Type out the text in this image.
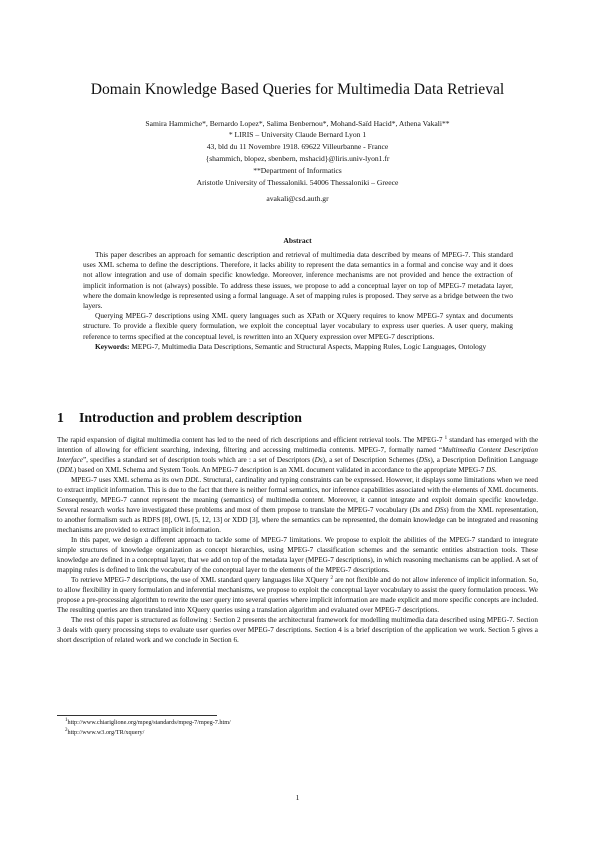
Domain Knowledge Based Queries for Multimedia Data Retrieval
Samira Hammiche*, Bernardo Lopez*, Salima Benbernou*, Mohand-Saïd Hacid*, Athena Vakali**
* LIRIS – University Claude Bernard Lyon 1
43, bld du 11 Novembre 1918. 69622 Villeurbanne - France
{shammich, blopez, sbenbern, mshacid}@liris.univ-lyon1.fr
**Department of Informatics
Aristotle University of Thessaloniki. 54006 Thessaloniki – Greece
avakali@csd.auth.gr
Abstract

This paper describes an approach for semantic description and retrieval of multimedia data described by means of MPEG-7. This standard uses XML schema to define the descriptions. Therefore, it lacks ability to represent the data semantics in a formal and concise way and it does not allow integration and use of domain specific knowledge. Moreover, inference mechanisms are not provided and hence the extraction of implicit information is not (always) possible. To address these issues, we propose to add a conceptual layer on top of MPEG-7 metadata layer, where the domain knowledge is represented using a formal language. A set of mapping rules is proposed. They serve as a bridge between the two layers.

Querying MPEG-7 descriptions using XML query languages such as XPath or XQuery requires to know MPEG-7 syntax and documents structure. To provide a flexible query formulation, we exploit the conceptual layer vocabulary to express user queries. A user query, making reference to terms specified at the conceptual level, is rewritten into an XQuery expression over MPEG-7 descriptions.

Keywords: MEPG-7, Multimedia Data Descriptions, Semantic and Structural Aspects, Mapping Rules, Logic Languages, Ontology

1 Introduction and problem description

The rapid expansion of digital multimedia content has led to the need of rich descriptions and efficient retrieval tools. The MPEG-7 $^1$ standard has emerged with the intention of allowing for efficient searching, indexing, filtering and accessing multimedia contents. MPEG-7, formally named “Multimedia Content Description Interface”, specifies a standard set of description tools which are : a set of Descriptors (Ds), a set of Description Schemes (DSs), a Description Definition Language (DDL) based on XML Schema and System Tools. An MPEG-7 description is an XML document validated in accordance to the appropriate MPEG-7 DS.

MPEG-7 uses XML schema as its own DDL. Structural, cardinality and typing constraints can be expressed. However, it displays some limitations when we need to extract implicit information. This is due to the fact that there is neither formal semantics, nor inference capabilities associated with the elements of XML documents. Consequently, MPEG-7 cannot represent the meaning (semantics) of multimedia content. Moreover, it cannot integrate and exploit domain specific knowledge. Several research works have investigated these problems and most of them propose to translate the MPEG-7 vocabulary (Ds and DSs) from the XML representation, to another formalism such as RDFS [8], OWL [5, 12, 13] or XDD [3], where the semantics can be represented, the domain knowledge can be integrated and reasoning mechanisms are provided to extract implicit information.

In this paper, we design a different approach to tackle some of MPEG-7 limitations. We propose to exploit the abilities of the MPEG-7 standard to integrate simple structures of knowledge organization as concept hierarchies, using MPEG-7 classification schemes and the semantic entities abstraction tools. These knowledge are defined in a conceptual layer, that we add on top of the metadata layer (MPEG-7 descriptions), in which reasoning mechanisms can be applied. A set of mapping rules is defined to link the vocabulary of the conceptual layer to the elements of the MPEG-7 descriptions.

To retrieve MPEG-7 descriptions, the use of XML standard query languages like XQuery $^2$ are not flexible and do not allow inference of implicit information. So, to allow flexibility in query formulation and inferential mechanisms, we propose to exploit the conceptual layer vocabulary to assist the query formulation process. We propose a pre-processing algorithm to rewrite the user query into several queries where implicit information are made explicit and more specific concepts are included. The resulting queries are then translated into XQuery queries using a translation algorithm and evaluated over MPEG-7 descriptions.

The rest of this paper is structured as following : Section 2 presents the architectural framework for modelling multimedia data described using MPEG-7. Section 3 deals with query processing steps to evaluate user queries over MPEG-7 descriptions. Section 4 is a brief description of the application we work. Section 5 gives a short description of related work and we conclude in Section 6.

$^1$http://www.chiariglione.org/mpeg/standards/mpeg-7/mpeg-7.htm/
$^2$http://www.w3.org/TR/xquery/
1
